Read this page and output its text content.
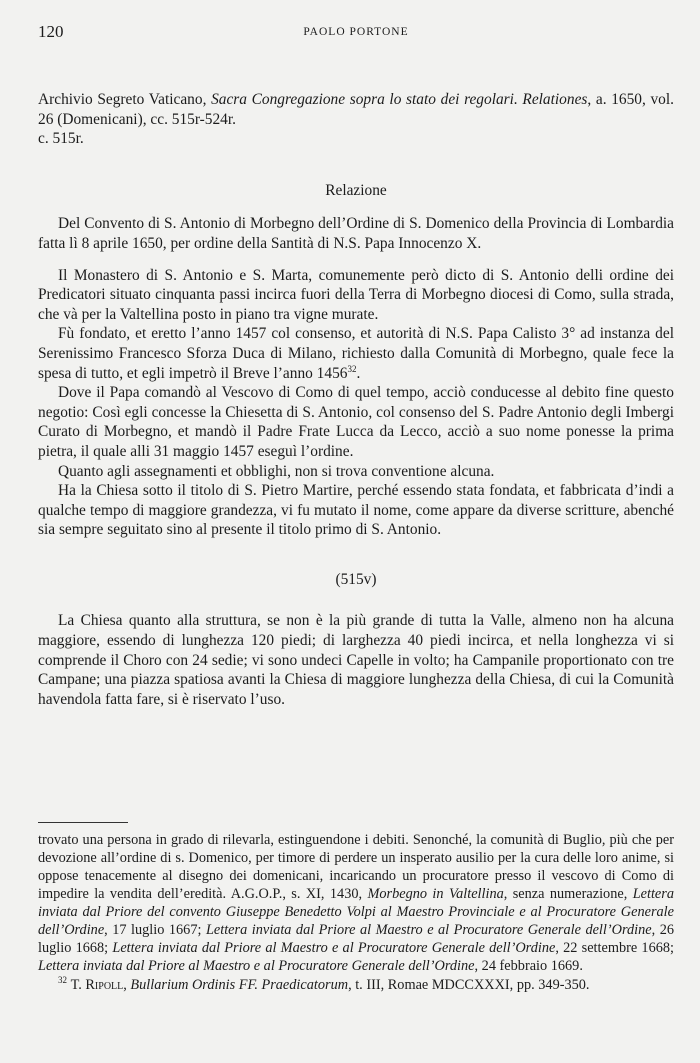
120	PAOLO PORTONE

Archivio Segreto Vaticano, Sacra Congregazione sopra lo stato dei regolari. Relationes, a. 1650, vol. 26 (Domenicani), cc. 515r-524r.

c. 515r.

Relazione

Del Convento di S. Antonio di Morbegno dell’Ordine di S. Domenico della Provincia di Lombardia fatta lì 8 aprile 1650, per ordine della Santità di N.S. Papa Innocenzo X.

Il Monastero di S. Antonio e S. Marta, comunemente però dicto di S. Antonio delli ordine dei Predicatori situato cinquanta passi incirca fuori della Terra di Morbegno diocesi di Como, sulla strada, che và per la Valtellina posto in piano tra vigne murate.

Fù fondato, et eretto l’anno 1457 col consenso, et autorità di N.S. Papa Calisto 3° ad instanza del Serenissimo Francesco Sforza Duca di Milano, richiesto dalla Comunità di Morbegno, quale fece la spesa di tutto, et egli impetrò il Breve l’anno 1456$^{32}$.

Dove il Papa comandò al Vescovo di Como di quel tempo, acciò conducesse al debito fine questo negotio: Così egli concesse la Chiesetta di S. Antonio, col consenso del S. Padre Antonio degli Imbergi Curato di Morbegno, et mandò il Padre Frate Lucca da Lecco, acciò a suo nome ponesse la prima pietra, il quale alli 31 maggio 1457 eseguì l’ordine.

Quanto agli assegnamenti et obblighi, non si trova conventione alcuna.

Ha la Chiesa sotto il titolo di S. Pietro Martire, perché essendo stata fondata, et fabbricata d’indi a qualche tempo di maggiore grandezza, vi fu mutato il nome, come appare da diverse scritture, abenché sia sempre seguitato sino al presente il titolo primo di S. Antonio.

(515v)

La Chiesa quanto alla struttura, se non è la più grande di tutta la Valle, almeno non ha alcuna maggiore, essendo di lunghezza 120 piedi; di larghezza 40 piedi incirca, et nella longhezza vi si comprende il Choro con 24 sedie; vi sono undeci Capelle in volto; ha Campanile proportionato con tre Campane; una piazza spatiosa avanti la Chiesa di maggiore lunghezza della Chiesa, di cui la Comunità havendola fatta fare, si è riservato l’uso.

trovato una persona in grado di rilevarla, estinguendone i debiti. Senonché, la comunità di Buglio, più che per devozione all’ordine di s. Domenico, per timore di perdere un insperato ausilio per la cura delle loro anime, si oppose tenacemente al disegno dei domenicani, incaricando un procuratore presso il vescovo di Como di impedire la vendita dell’eredità. A.G.O.P., s. XI, 1430, Morbegno in Valtellina, senza numerazione, Lettera inviata dal Priore del convento Giuseppe Benedetto Volpi al Maestro Provinciale e al Procuratore Generale dell’Ordine, 17 luglio 1667; Lettera inviata dal Priore al Maestro e al Procuratore Generale dell’Ordine, 26 luglio 1668; Lettera inviata dal Priore al Maestro e al Procuratore Generale dell’Ordine, 22 settembre 1668; Lettera inviata dal Priore al Maestro e al Procuratore Generale dell’Ordine, 24 febbraio 1669.

$^{32}$ T. Ripoll, Bullarium Ordinis FF. Praedicatorum, t. III, Romae MDCCXXXI, pp. 349-350.
